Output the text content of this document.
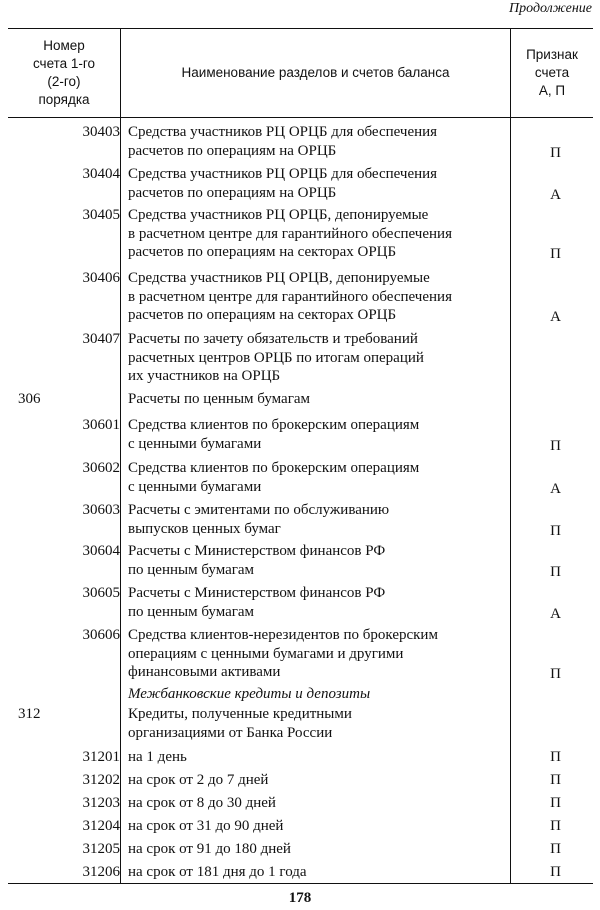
Продолжение
Номер
счета 1-го
(2-го)
порядка
Наименование разделов и счетов баланса
Признак
счета
А, П
30403 Средства участников РЦ ОРЦБ для обеспечения
расчетов по операциям на ОРЦБ	П
30404 Средства участников РЦ ОРЦБ для обеспечения
расчетов по операциям на ОРЦБ	А
30405 Средства участников РЦ ОРЦБ, депонируемые
в расчетном центре для гарантийного обеспечения
расчетов по операциям на секторах ОРЦБ	П
30406 Средства участников РЦ ОРЦВ, депонируемые
в расчетном центре для гарантийного обеспечения
расчетов по операциям на секторах ОРЦБ	А
30407 Расчеты по зачету обязательств и требований
расчетных центров ОРЦБ по итогам операций
их участников на ОРЦБ
306	Расчеты по ценным бумагам
30601 Средства клиентов по брокерским операциям
с ценными бумагами	П
30602 Средства клиентов по брокерским операциям
с ценными бумагами	А
30603 Расчеты с эмитентами по обслуживанию
выпусков ценных бумаг	П
30604 Расчеты с Министерством финансов РФ
по ценным бумагам	П
30605 Расчеты с Министерством финансов РФ
по ценным бумагам	А
30606 Средства клиентов-нерезидентов по брокерским
операциям с ценными бумагами и другими
финансовыми активами	П
Межбанковские кредиты и депозиты
312	Кредиты, полученные кредитными
организациями от Банка России
31201 на 1 день	П
31202 на срок от 2 до 7 дней	П
31203 на срок от 8 до 30 дней	П
31204 на срок от 31 до 90 дней	П
31205 на срок от 91 до 180 дней	П
31206 на срок от 181 дня до 1 года	П
178
